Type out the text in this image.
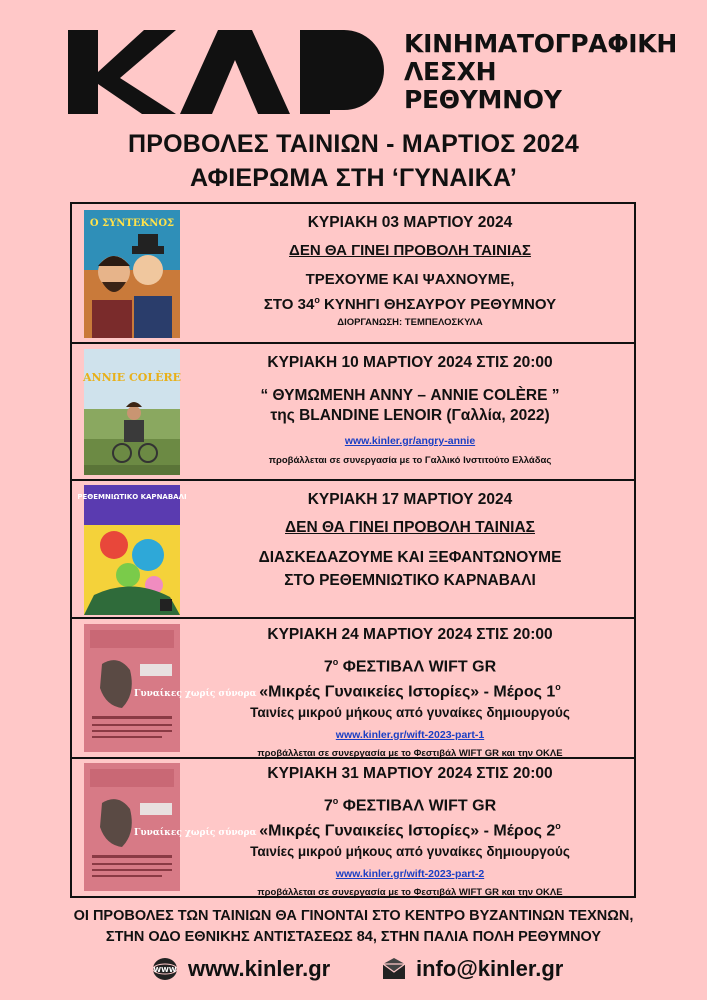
ΚΙΝΗΜΑΤΟΓΡΑΦΙΚΗ
ΛΕΣΧΗ
ΡΕΘΥΜΝΟΥ
ΠΡΟΒΟΛΕΣ ΤΑΙΝΙΩΝ - ΜΑΡΤΙΟΣ 2024
ΑΦΙΕΡΩΜΑ ΣΤΗ ‘ΓΥΝΑΙΚΑ’
Ο ΣΥΝΤΕΚΝΟΣ	ΚΥΡΙΑΚΗ 03 ΜΑΡΤΙΟΥ 2024
ΔΕΝ ΘΑ ΓΙΝΕΙ ΠΡΟΒΟΛΗ ΤΑΙΝΙΑΣ
ΤΡΕΧΟΥΜΕ ΚΑΙ ΨΑΧΝΟΥΜΕ,
ΣΤΟ $34^o$ ΚΥΝΗΓΙ ΘΗΣΑΥΡΟΥ ΡΕΘΥΜΝΟΥ
ΔΙΟΡΓΑΝΩΣΗ: ΤΕΜΠΕΛΟΣΚΥΛΑ
ANNIE COLÈRE
ΚΥΡΙΑΚΗ 10 ΜΑΡΤΙΟΥ 2024 ΣΤΙΣ 20:00
“ ΘΥΜΩΜΕΝΗ ΑΝΝΥ – ANNIE COLÈRE ”
της BLANDINE LENOIR (Γαλλία, 2022)
www.kinler.gr/angry-annie
προβάλλεται σε συνεργασία με το Γαλλικό Ινστιτούτο Ελλάδας
ΡΕΘΕΜΝΙΩΤΙΚΟ ΚΑΡΝΑΒΑΛΙ	ΚΥΡΙΑΚΗ 17 ΜΑΡΤΙΟΥ 2024
ΔΕΝ ΘΑ ΓΙΝΕΙ ΠΡΟΒΟΛΗ ΤΑΙΝΙΑΣ
ΔΙΑΣΚΕΔΑΖΟΥΜΕ ΚΑΙ ΞΕΦΑΝΤΩΝΟΥΜΕ
ΣΤΟ ΡΕΘΕΜΝΙΩΤΙΚΟ ΚΑΡΝΑΒΑΛΙ
Γυναίκες χωρίς σύνορα
ΚΥΡΙΑΚΗ 24 ΜΑΡΤΙΟΥ 2024 ΣΤΙΣ 20:00
$7^o$ ΦΕΣΤΙΒΑΛ WIFT GR
«Μικρές Γυναικείες Ιστορίες» - Μέρος $1^o$
Ταινίες μικρού μήκους από γυναίκες δημιουργούς
www.kinler.gr/wift-2023-part-1
προβάλλεται σε συνεργασία με το Φεστιβάλ WIFT GR και την ΟΚΛΕ
Γυναίκες χωρίς σύνορα
ΚΥΡΙΑΚΗ 31 ΜΑΡΤΙΟΥ 2024 ΣΤΙΣ 20:00
$7^o$ ΦΕΣΤΙΒΑΛ WIFT GR
«Μικρές Γυναικείες Ιστορίες» - Μέρος $2^o$
Ταινίες μικρού μήκους από γυναίκες δημιουργούς
www.kinler.gr/wift-2023-part-2
προβάλλεται σε συνεργασία με το Φεστιβάλ WIFT GR και την ΟΚΛΕ
ΟΙ ΠΡΟΒΟΛΕΣ ΤΩΝ ΤΑΙΝΙΩΝ ΘΑ ΓΙΝΟΝΤΑΙ ΣΤΟ ΚΕΝΤΡΟ ΒΥΖΑΝΤΙΝΩΝ ΤΕΧΝΩΝ,
ΣΤΗΝ ΟΔΟ ΕΘΝΙΚΗΣ ΑΝΤΙΣΤΑΣΕΩΣ 84, ΣΤΗΝ ΠΑΛΙΑ ΠΟΛΗ ΡΕΘΥΜΝΟΥ
WWW www.kinler.gr	info@kinler.gr
